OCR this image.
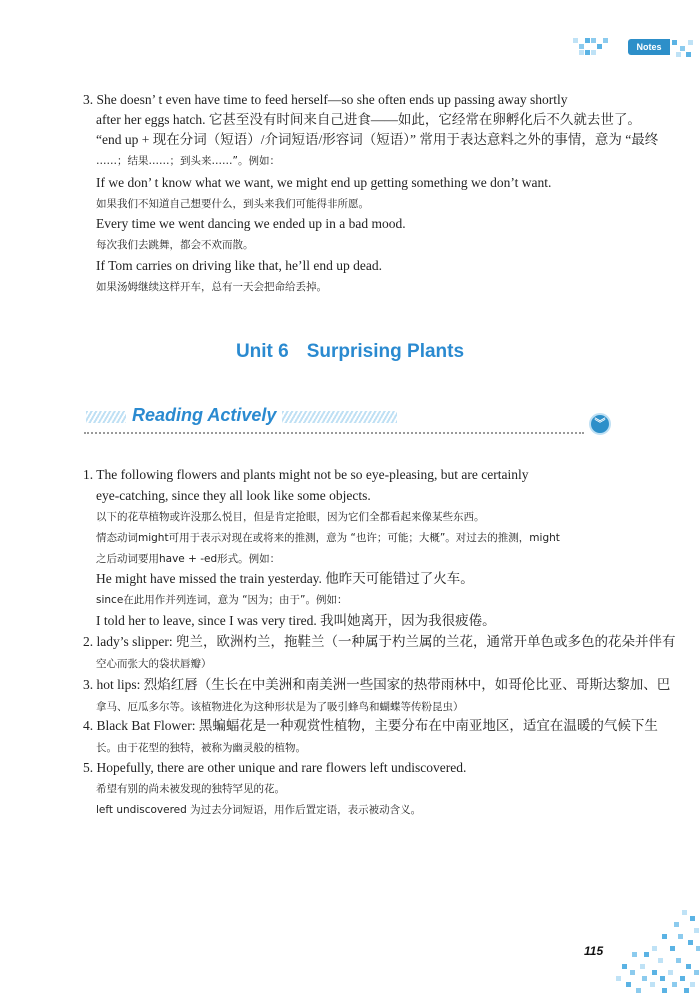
Notes
3. She doesn’ t even have time to feed herself—so she often ends up passing away shortly
after her eggs hatch. 它甚至没有时间来自己进食——如此，它经常在卵孵化后不久就去世了。
“end up + 现在分词（短语）/介词短语/形容词（短语）” 常用于表达意料之外的事情，意为 “最终
……；结果……；到头来……”。例如：
If we don’ t know what we want, we might end up getting something we don’t want.
如果我们不知道自己想要什么，到头来我们可能得非所愿。
Every time we went dancing we ended up in a bad mood.
每次我们去跳舞，都会不欢而散。
If Tom carries on driving like that, he’ll end up dead.
如果汤姆继续这样开车，总有一天会把命给丢掉。
Unit 6 Surprising Plants
Reading Actively	︾
1. The following flowers and plants might not be so eye-pleasing, but are certainly
eye-catching, since they all look like some objects.
以下的花草植物或许没那么悦目，但是肯定抢眼，因为它们全都看起来像某些东西。
情态动词might可用于表示对现在或将来的推测，意为 “也许；可能；大概”。对过去的推测，might
之后动词要用have + -ed形式。例如：
He might have missed the train yesterday. 他昨天可能错过了火车。
since在此用作并列连词，意为 “因为；由于”。例如：
I told her to leave, since I was very tired. 我叫她离开，因为我很疲倦。
2. lady’s slipper: 兜兰，欧洲杓兰，拖鞋兰（一种属于杓兰属的兰花，通常开单色或多色的花朵并伴有
空心而张大的袋状唇瓣）
3. hot lips: 烈焰红唇（生长在中美洲和南美洲一些国家的热带雨林中，如哥伦比亚、哥斯达黎加、巴
拿马、厄瓜多尔等。该植物进化为这种形状是为了吸引蜂鸟和蝴蝶等传粉昆虫）
4. Black Bat Flower: 黑蝙蝠花是一种观赏性植物，主要分布在中南亚地区，适宜在温暖的气候下生
长。由于花型的独特，被称为幽灵般的植物。
5. Hopefully, there are other unique and rare flowers left undiscovered.
希望有别的尚未被发现的独特罕见的花。
left undiscovered 为过去分词短语，用作后置定语，表示被动含义。
115
